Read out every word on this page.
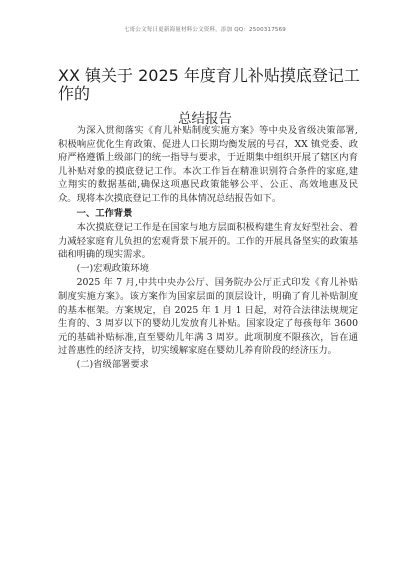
七哥公文每日更新海量材料公文资料，添加 QQ：2500317569
XX 镇关于 2025 年度育儿补贴摸底登记工作的
总结报告

为深入贯彻落实《育儿补贴制度实施方案》等中央及省级决策部署,积极响应优化生育政策、促进人口长期均衡发展的号召，XX 镇党委、政府严格遵循上级部门的统一指导与要求，于近期集中组织开展了辖区内育儿补贴对象的摸底登记工作。本次工作旨在精准识别符合条件的家庭,建立翔实的数据基础,确保这项惠民政策能够公平、公正、高效地惠及民众。现将本次摸底登记工作的具体情况总结报告如下。

一、工作背景

本次摸底登记工作是在国家与地方层面积极构建生育友好型社会、着力减轻家庭育儿负担的宏观背景下展开的。工作的开展具备坚实的政策基础和明确的现实需求。

(一)宏观政策环境

2025 年 7 月,中共中央办公厅、国务院办公厅正式印发《育儿补贴制度实施方案》。该方案作为国家层面的顶层设计，明确了育儿补贴制度的基本框架。方案规定，自 2025 年 1 月 1 日起，对符合法律法规规定生育的、3 周岁以下的婴幼儿发放育儿补贴。国家设定了每孩每年 3600 元的基础补贴标准,直至婴幼儿年满 3 周岁。此项制度不限孩次，旨在通过普惠性的经济支持，切实缓解家庭在婴幼儿养育阶段的经济压力。

(二)省级部署要求
